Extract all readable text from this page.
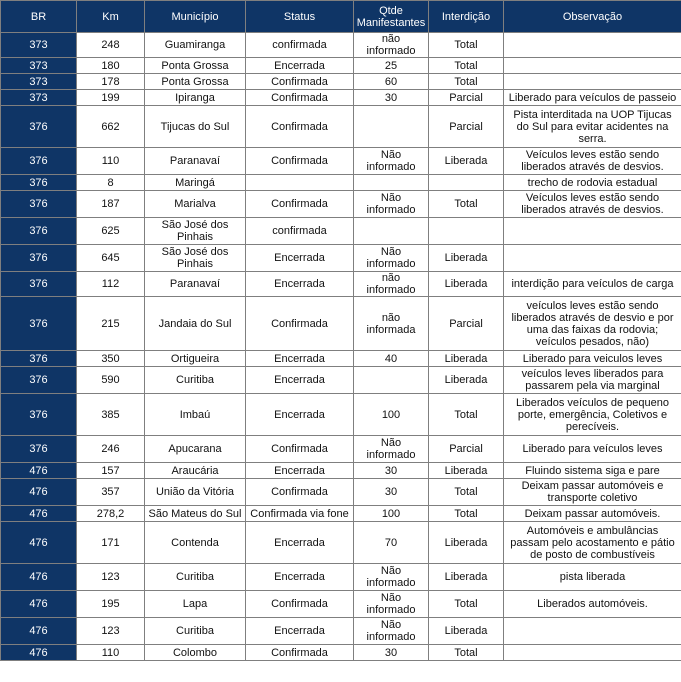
BR	Km	Município	Status	Qtde Manifestantes	Interdição	Observação
373	248	Guamiranga	confirmada	não informado	Total	
373	180	Ponta Grossa	Encerrada	25	Total	
373	178	Ponta Grossa	Confirmada	60	Total	
373	199	Ipiranga	Confirmada	30	Parcial	Liberado para veículos de passeio
376	662	Tijucas do Sul	Confirmada		Parcial	Pista interditada na UOP Tijucas do Sul para evitar acidentes na serra.
376	110	Paranavaí	Confirmada	Não informado	Liberada	Veículos leves estão sendo liberados através de desvios.
376	8	Maringá				trecho de rodovia estadual
376	187	Marialva	Confirmada	Não informado	Total	Veículos leves estão sendo liberados através de desvios.
376	625	São José dos Pinhais	confirmada			
376	645	São José dos Pinhais	Encerrada	Não informado	Liberada	
376	112	Paranavaí	Encerrada	não informado	Liberada	interdição para veículos de carga
376	215	Jandaia do Sul	Confirmada	não informada	Parcial	veículos leves estão sendo liberados através de desvio e por uma das faixas da rodovia; veículos pesados, não)
376	350	Ortigueira	Encerrada	40	Liberada	Liberado para veiculos leves
376	590	Curitiba	Encerrada		Liberada	veículos leves liberados para passarem pela via marginal
376	385	Imbaú	Encerrada	100	Total	Liberados veículos de pequeno porte, emergência, Coletivos e perecíveis.
376	246	Apucarana	Confirmada	Não informado	Parcial	Liberado para veículos leves
476	157	Araucária	Encerrada	30	Liberada	Fluindo sistema siga e pare
476	357	União da Vitória	Confirmada	30	Total	Deixam passar automóveis e transporte coletivo
476	278,2	São Mateus do Sul	Confirmada via fone	100	Total	Deixam passar automóveis.
476	171	Contenda	Encerrada	70	Liberada	Automóveis e ambulâncias passam pelo acostamento e pátio de posto de combustíveis
476	123	Curitiba	Encerrada	Não informado	Liberada	pista liberada
476	195	Lapa	Confirmada	Não informado	Total	Liberados automóveis.
476	123	Curitiba	Encerrada	Não informado	Liberada	
476	110	Colombo	Confirmada	30	Total	
